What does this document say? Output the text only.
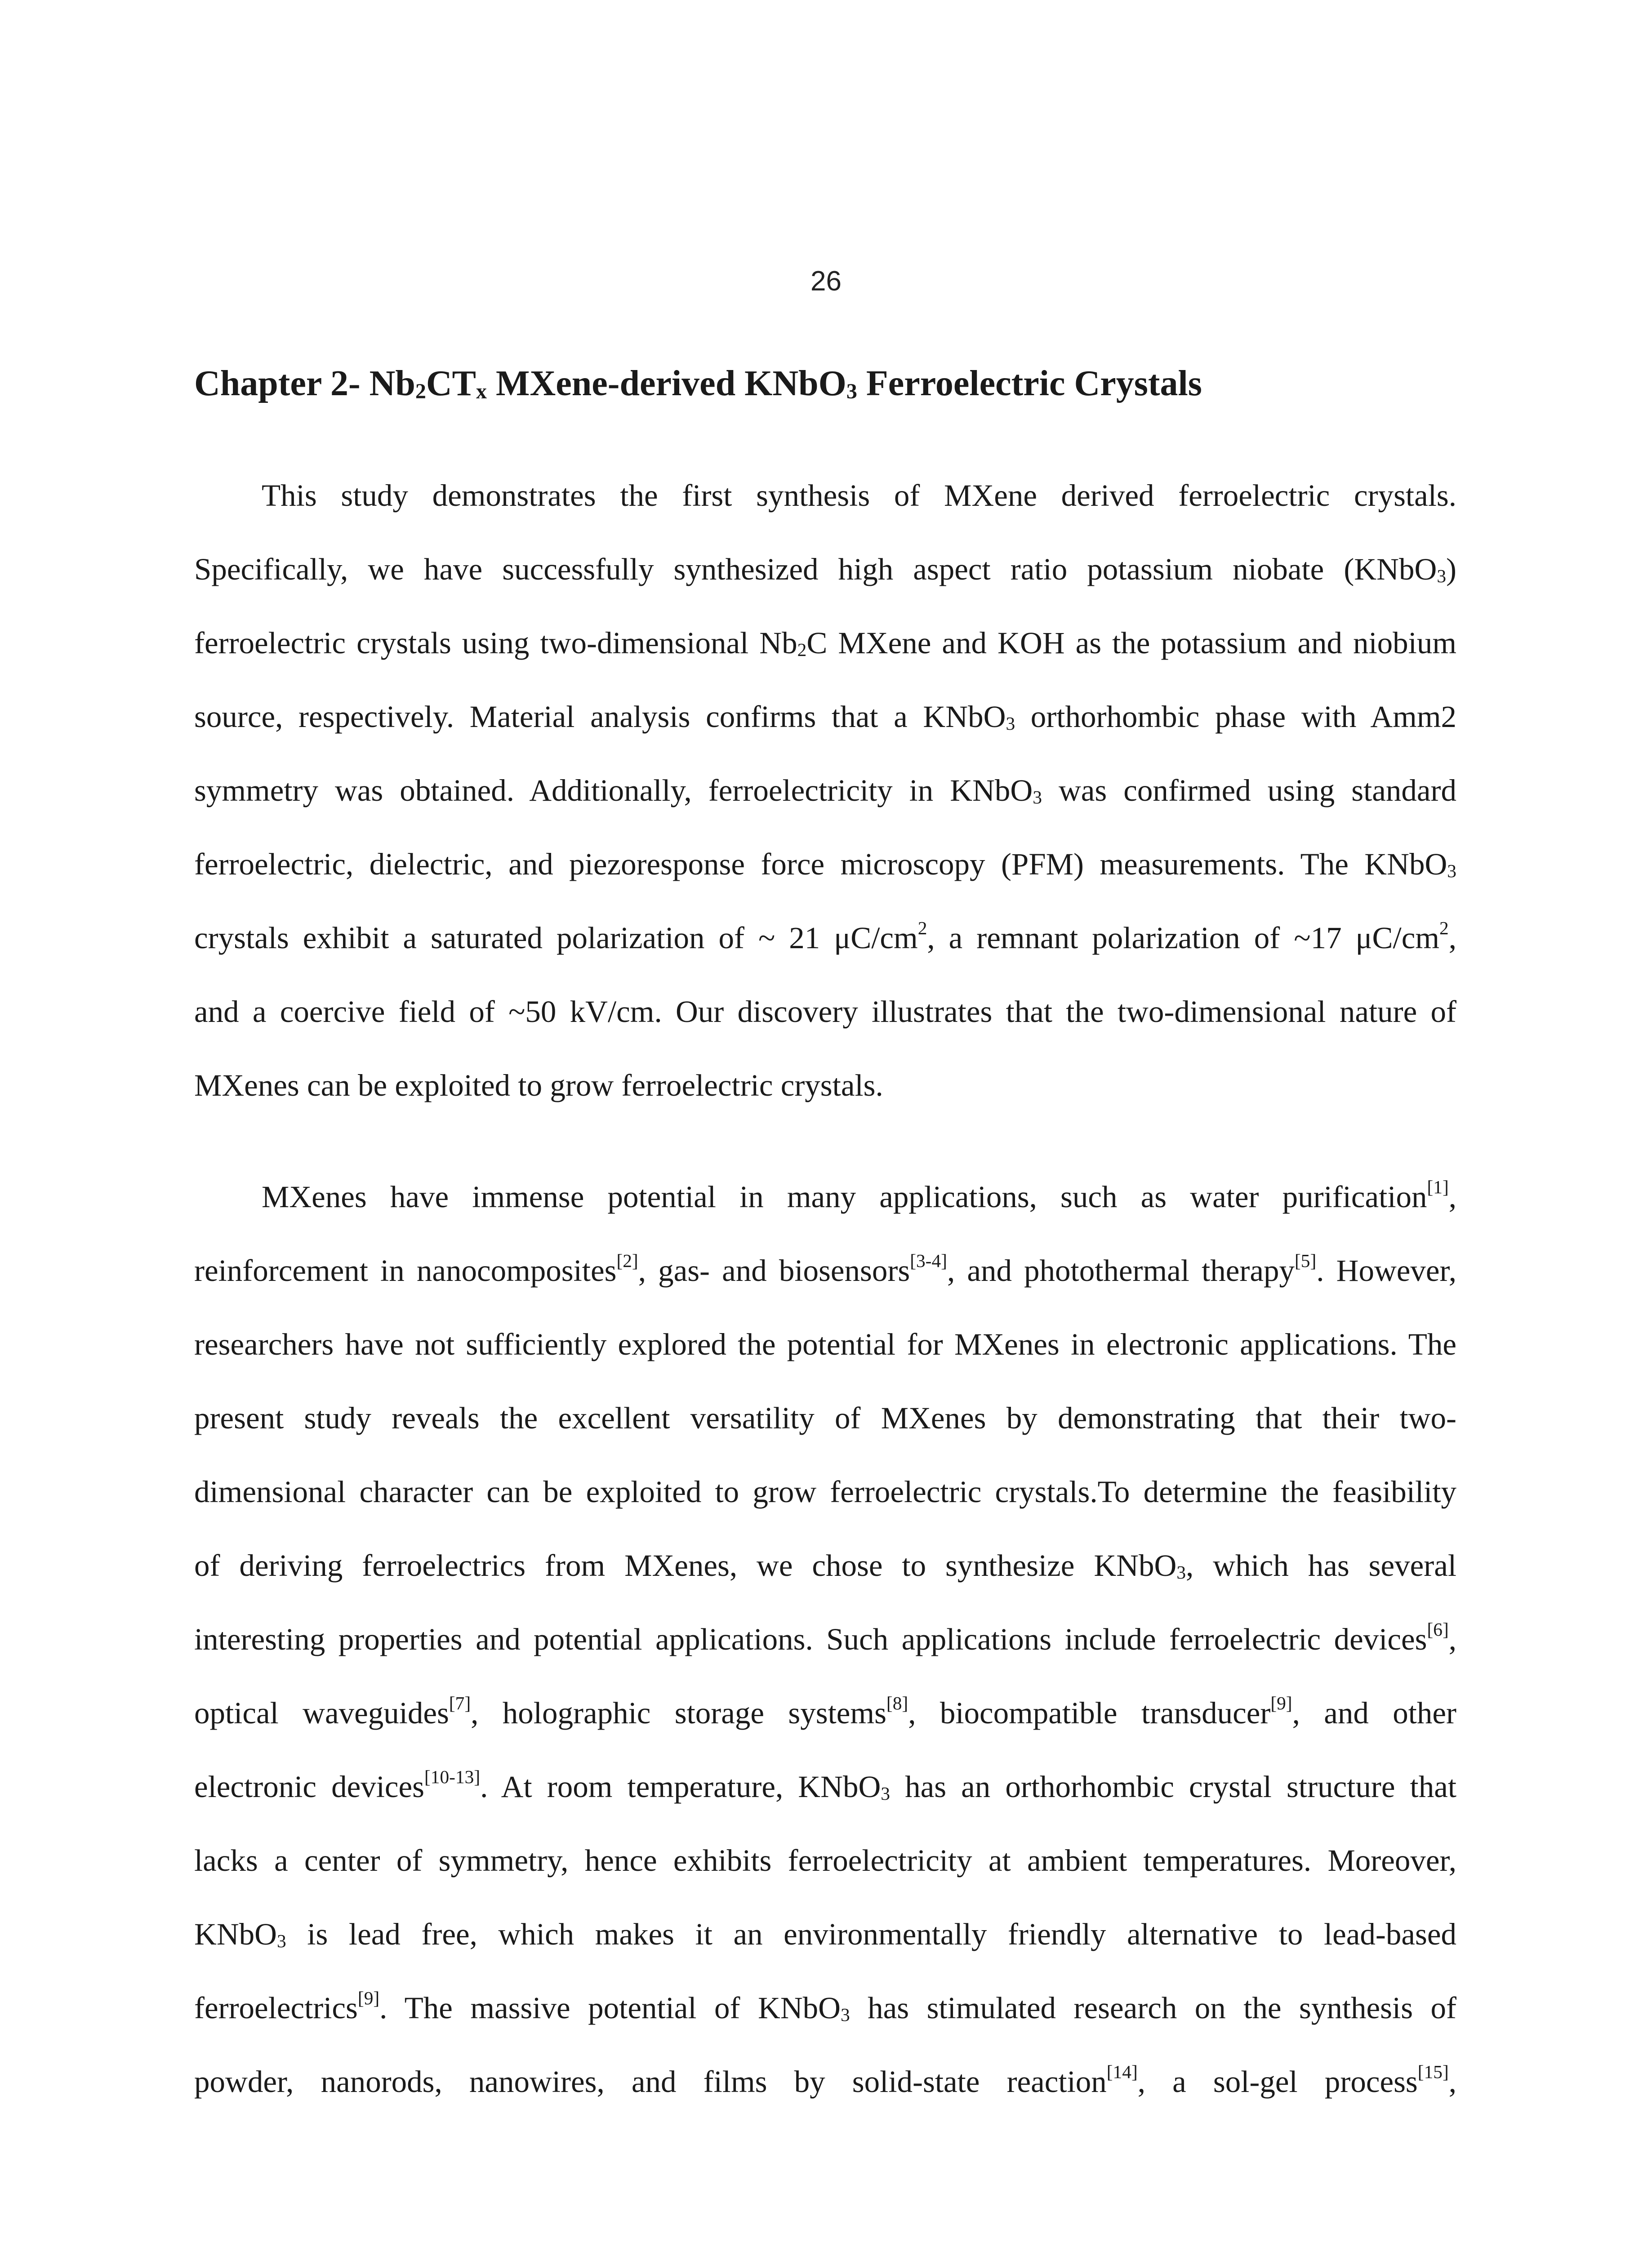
26
Chapter 2- $Nb_2CT_x$ MXene-derived KNbO$_3$ Ferroelectric Crystals
This study demonstrates the first synthesis of MXene derived ferroelectric crystals.
Specifically, we have successfully synthesized high aspect ratio potassium niobate (KNbO$_3$)
ferroelectric crystals using two-dimensional $Nb_2C$ MXene and KOH as the potassium and niobium
source, respectively. Material analysis confirms that a KNbO$_3$ orthorhombic phase with Amm2
symmetry was obtained. Additionally, ferroelectricity in KNbO$_3$ was confirmed using standard
ferroelectric, dielectric, and piezoresponse force microscopy (PFM) measurements. The KNbO$_3$
crystals exhibit a saturated polarization of ~ 21 $\mu C/cm^2$, a remnant polarization of ~17 $\mu C/cm^2$,
and a coercive field of ~50 kV/cm. Our discovery illustrates that the two-dimensional nature of
MXenes can be exploited to grow ferroelectric crystals.
MXenes have immense potential in many applications, such as water purification[1],
reinforcement in nanocomposites[2], gas- and biosensors[3-4], and photothermal therapy[5]. However,
researchers have not sufficiently explored the potential for MXenes in electronic applications. The
present study reveals the excellent versatility of MXenes by demonstrating that their two-
dimensional character can be exploited to grow ferroelectric crystals.To determine the feasibility
of deriving ferroelectrics from MXenes, we chose to synthesize KNbO$_3$, which has several
interesting properties and potential applications. Such applications include ferroelectric devices[6],
optical waveguides[7], holographic storage systems[8], biocompatible transducer[9], and other
electronic devices[10-13]. At room temperature, KNbO$_3$ has an orthorhombic crystal structure that
lacks a center of symmetry, hence exhibits ferroelectricity at ambient temperatures. Moreover,
KNbO$_3$ is lead free, which makes it an environmentally friendly alternative to lead-based
ferroelectrics[9]. The massive potential of KNbO$_3$ has stimulated research on the synthesis of
powder, nanorods, nanowires, and films by solid-state reaction[14], a sol-gel process[15],
